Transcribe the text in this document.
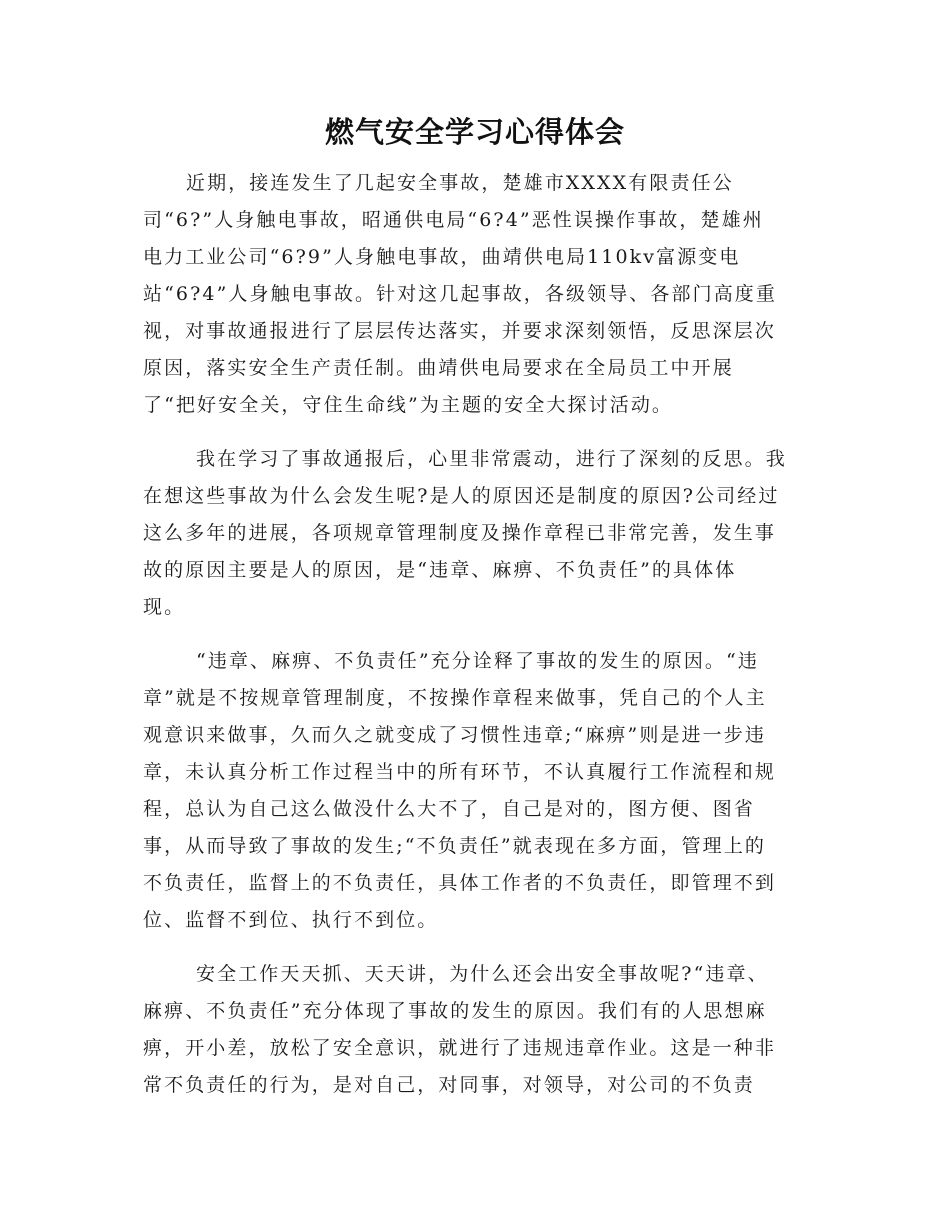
燃气安全学习心得体会
近期，接连发生了几起安全事故，楚雄市XXXX有限责任公
司“6?”人身触电事故，昭通供电局“6?4”恶性误操作事故，楚雄州
电力工业公司“6?9”人身触电事故，曲靖供电局110kv富源变电
站“6?4”人身触电事故。针对这几起事故，各级领导、各部门高度重
视，对事故通报进行了层层传达落实，并要求深刻领悟，反思深层次
原因，落实安全生产责任制。曲靖供电局要求在全局员工中开展
了“把好安全关，守住生命线”为主题的安全大探讨活动。
我在学习了事故通报后，心里非常震动，进行了深刻的反思。我
在想这些事故为什么会发生呢?是人的原因还是制度的原因?公司经过
这么多年的进展，各项规章管理制度及操作章程已非常完善，发生事
故的原因主要是人的原因，是“违章、麻痹、不负责任”的具体体
现。
“违章、麻痹、不负责任”充分诠释了事故的发生的原因。“违
章”就是不按规章管理制度，不按操作章程来做事，凭自己的个人主
观意识来做事，久而久之就变成了习惯性违章;“麻痹”则是进一步违
章，未认真分析工作过程当中的所有环节，不认真履行工作流程和规
程，总认为自己这么做没什么大不了，自己是对的，图方便、图省
事，从而导致了事故的发生;“不负责任”就表现在多方面，管理上的
不负责任，监督上的不负责任，具体工作者的不负责任，即管理不到
位、监督不到位、执行不到位。
安全工作天天抓、天天讲，为什么还会出安全事故呢?“违章、
麻痹、不负责任”充分体现了事故的发生的原因。我们有的人思想麻
痹，开小差，放松了安全意识，就进行了违规违章作业。这是一种非
常不负责任的行为，是对自己，对同事，对领导，对公司的不负责
